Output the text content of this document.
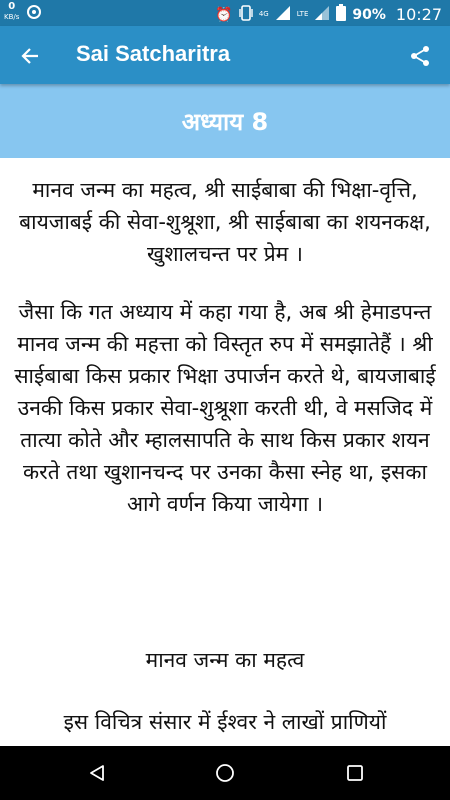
0
KB/s	⏰	4G	LTE	90% 10:27
Sai Satcharitra
अध्याय 8

मानव जन्म का महत्व, श्री साईबाबा की भिक्षा-वृत्ति, बायजाबई की सेवा-शुश्रूशा, श्री साईबाबा का शयनकक्ष, खुशालचन्त पर प्रेम ।

जैसा कि गत अध्याय में कहा गया है, अब श्री हेमाडपन्त मानव जन्म की महत्ता को विस्तृत रुप में समझातेहैं । श्री साईबाबा किस प्रकार भिक्षा उपार्जन करते थे, बायजाबाई उनकी किस प्रकार सेवा-शुश्रूशा करती थी, वे मसजिद में तात्या कोते और म्हालसापति के साथ किस प्रकार शयन करते तथा खुशानचन्द पर उनका कैसा स्नेह था, इसका आगे वर्णन किया जायेगा ।

मानव जन्म का महत्व

इस विचित्र संसार में ईश्वर ने लाखों प्राणियों
